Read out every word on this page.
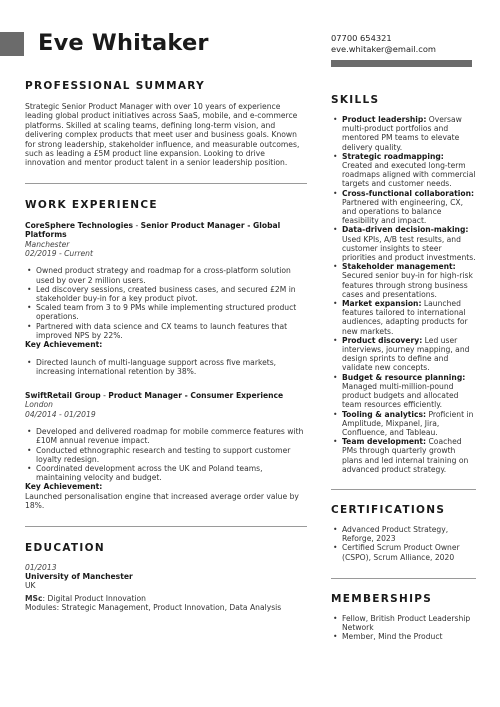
Eve Whitaker	07700 654321
eve.whitaker@email.com
PROFESSIONAL SUMMARY
Strategic Senior Product Manager with over 10 years of experience leading global product initiatives across SaaS, mobile, and e-commerce platforms. Skilled at scaling teams, defining long-term vision, and delivering complex products that meet user and business goals. Known for strong leadership, stakeholder influence, and measurable outcomes, such as leading a £5M product line expansion. Looking to drive innovation and mentor product talent in a senior leadership position.
WORK EXPERIENCE
CoreSphere Technologies - Senior Product Manager - Global Platforms
Manchester
02/2019 - Current
• Owned product strategy and roadmap for a cross-platform solution used by over 2 million users.
• Led discovery sessions, created business cases, and secured £2M in stakeholder buy-in for a key product pivot.
• Scaled team from 3 to 9 PMs while implementing structured product operations.
• Partnered with data science and CX teams to launch features that improved NPS by 22%.
Key Achievement:
• Directed launch of multi-language support across five markets, increasing international retention by 38%.
SwiftRetail Group - Product Manager - Consumer Experience
London
04/2014 - 01/2019
• Developed and delivered roadmap for mobile commerce features with £10M annual revenue impact.
• Conducted ethnographic research and testing to support customer loyalty redesign.
• Coordinated development across the UK and Poland teams, maintaining velocity and budget.
Key Achievement:
Launched personalisation engine that increased average order value by 18%.
EDUCATION
01/2013
University of Manchester
UK
MSc: Digital Product Innovation
Modules: Strategic Management, Product Innovation, Data Analysis
SKILLS
• Product leadership: Oversaw multi-product portfolios and mentored PM teams to elevate delivery quality.
• Strategic roadmapping: Created and executed long-term roadmaps aligned with commercial targets and customer needs.
• Cross-functional collaboration: Partnered with engineering, CX, and operations to balance feasibility and impact.
• Data-driven decision-making: Used KPIs, A/B test results, and customer insights to steer priorities and product investments.
• Stakeholder management: Secured senior buy-in for high-risk features through strong business cases and presentations.
• Market expansion: Launched features tailored to international audiences, adapting products for new markets.
• Product discovery: Led user interviews, journey mapping, and design sprints to define and validate new concepts.
• Budget & resource planning: Managed multi-million-pound product budgets and allocated team resources efficiently.
• Tooling & analytics: Proficient in Amplitude, Mixpanel, Jira, Confluence, and Tableau.
• Team development: Coached PMs through quarterly growth plans and led internal training on advanced product strategy.
CERTIFICATIONS
• Advanced Product Strategy, Reforge, 2023
• Certified Scrum Product Owner (CSPO), Scrum Alliance, 2020
MEMBERSHIPS
• Fellow, British Product Leadership Network
• Member, Mind the Product
